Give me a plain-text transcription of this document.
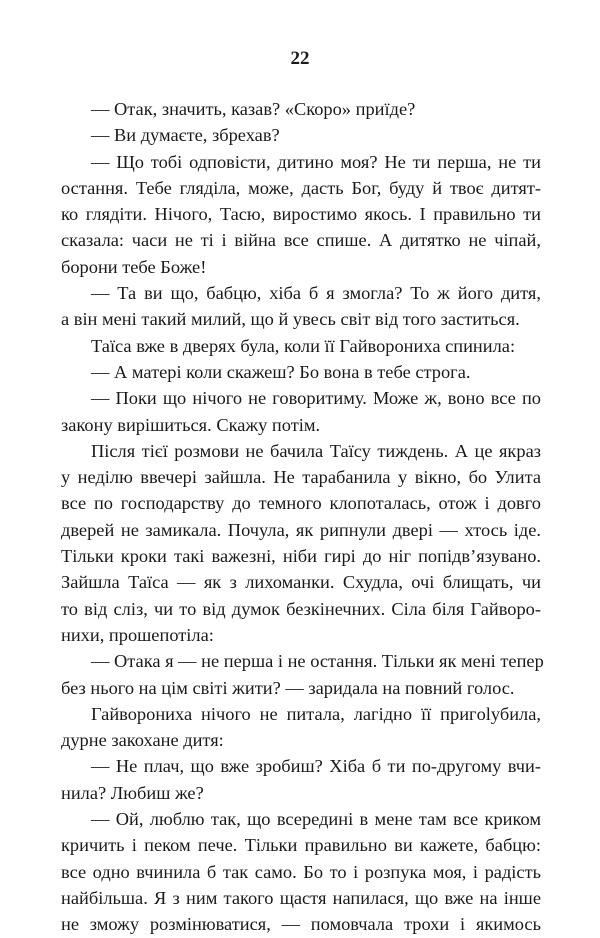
22
— Отак, значить, казав? «Скоро» приїде?
— Ви думаєте, збрехав?
— Що тобі одповісти, дитино моя? Не ти перша, не ти
остання. Тебе гляділа, може, дасть Бог, буду й твоє дитят-
ко глядіти. Нічого, Тасю, виростимо якось. І правильно ти
сказала: часи не ті і війна все спише. А дитятко не чіпай,
борони тебе Боже!
— Та ви що, бабцю, хіба б я змогла? То ж його дитя,
а він мені такий милий, що й увесь світ від того заститься.
Таїса вже в дверях була, коли її Гайворониха спинила:
— А матері коли скажеш? Бо вона в тебе строга.
— Поки що нічого не говоритиму. Може ж, воно все по
закону вирішиться. Скажу потім.
Після тієї розмови не бачила Таїсу тиждень. А це якраз
у неділю ввечері зайшла. Не тарабанила у вікно, бо Улита
все по господарству до темного клопоталась, отож і довго
дверей не замикала. Почула, як рипнули двері — хтось іде.
Тільки кроки такі важезні, ніби гирі до ніг попідв’язувано.
Зайшла Таїса — як з лихоманки. Схудла, очі блищать, чи
то від сліз, чи то від думок безкінечних. Сіла біля Гайворо-
нихи, прошепотіла:
— Отака я — не перша і не остання. Тільки як мені тепер
без нього на цім світі жити? — заридала на повний голос.
Гайворониха нічого не питала, лагідно її пригolубила,
дурне закохане дитя:
— Не плач, що вже зробиш? Хіба б ти по-другому вчи-
нила? Любиш же?
— Ой, люблю так, що всередині в мене там все криком
кричить і пеком пече. Тільки правильно ви кажете, бабцю:
все одно вчинила б так само. Бо то і розпука моя, і радість
найбільша. Я з ним такого щастя напилася, що вже на інше
не зможу розмінюватися, — помовчала трохи і якимось
